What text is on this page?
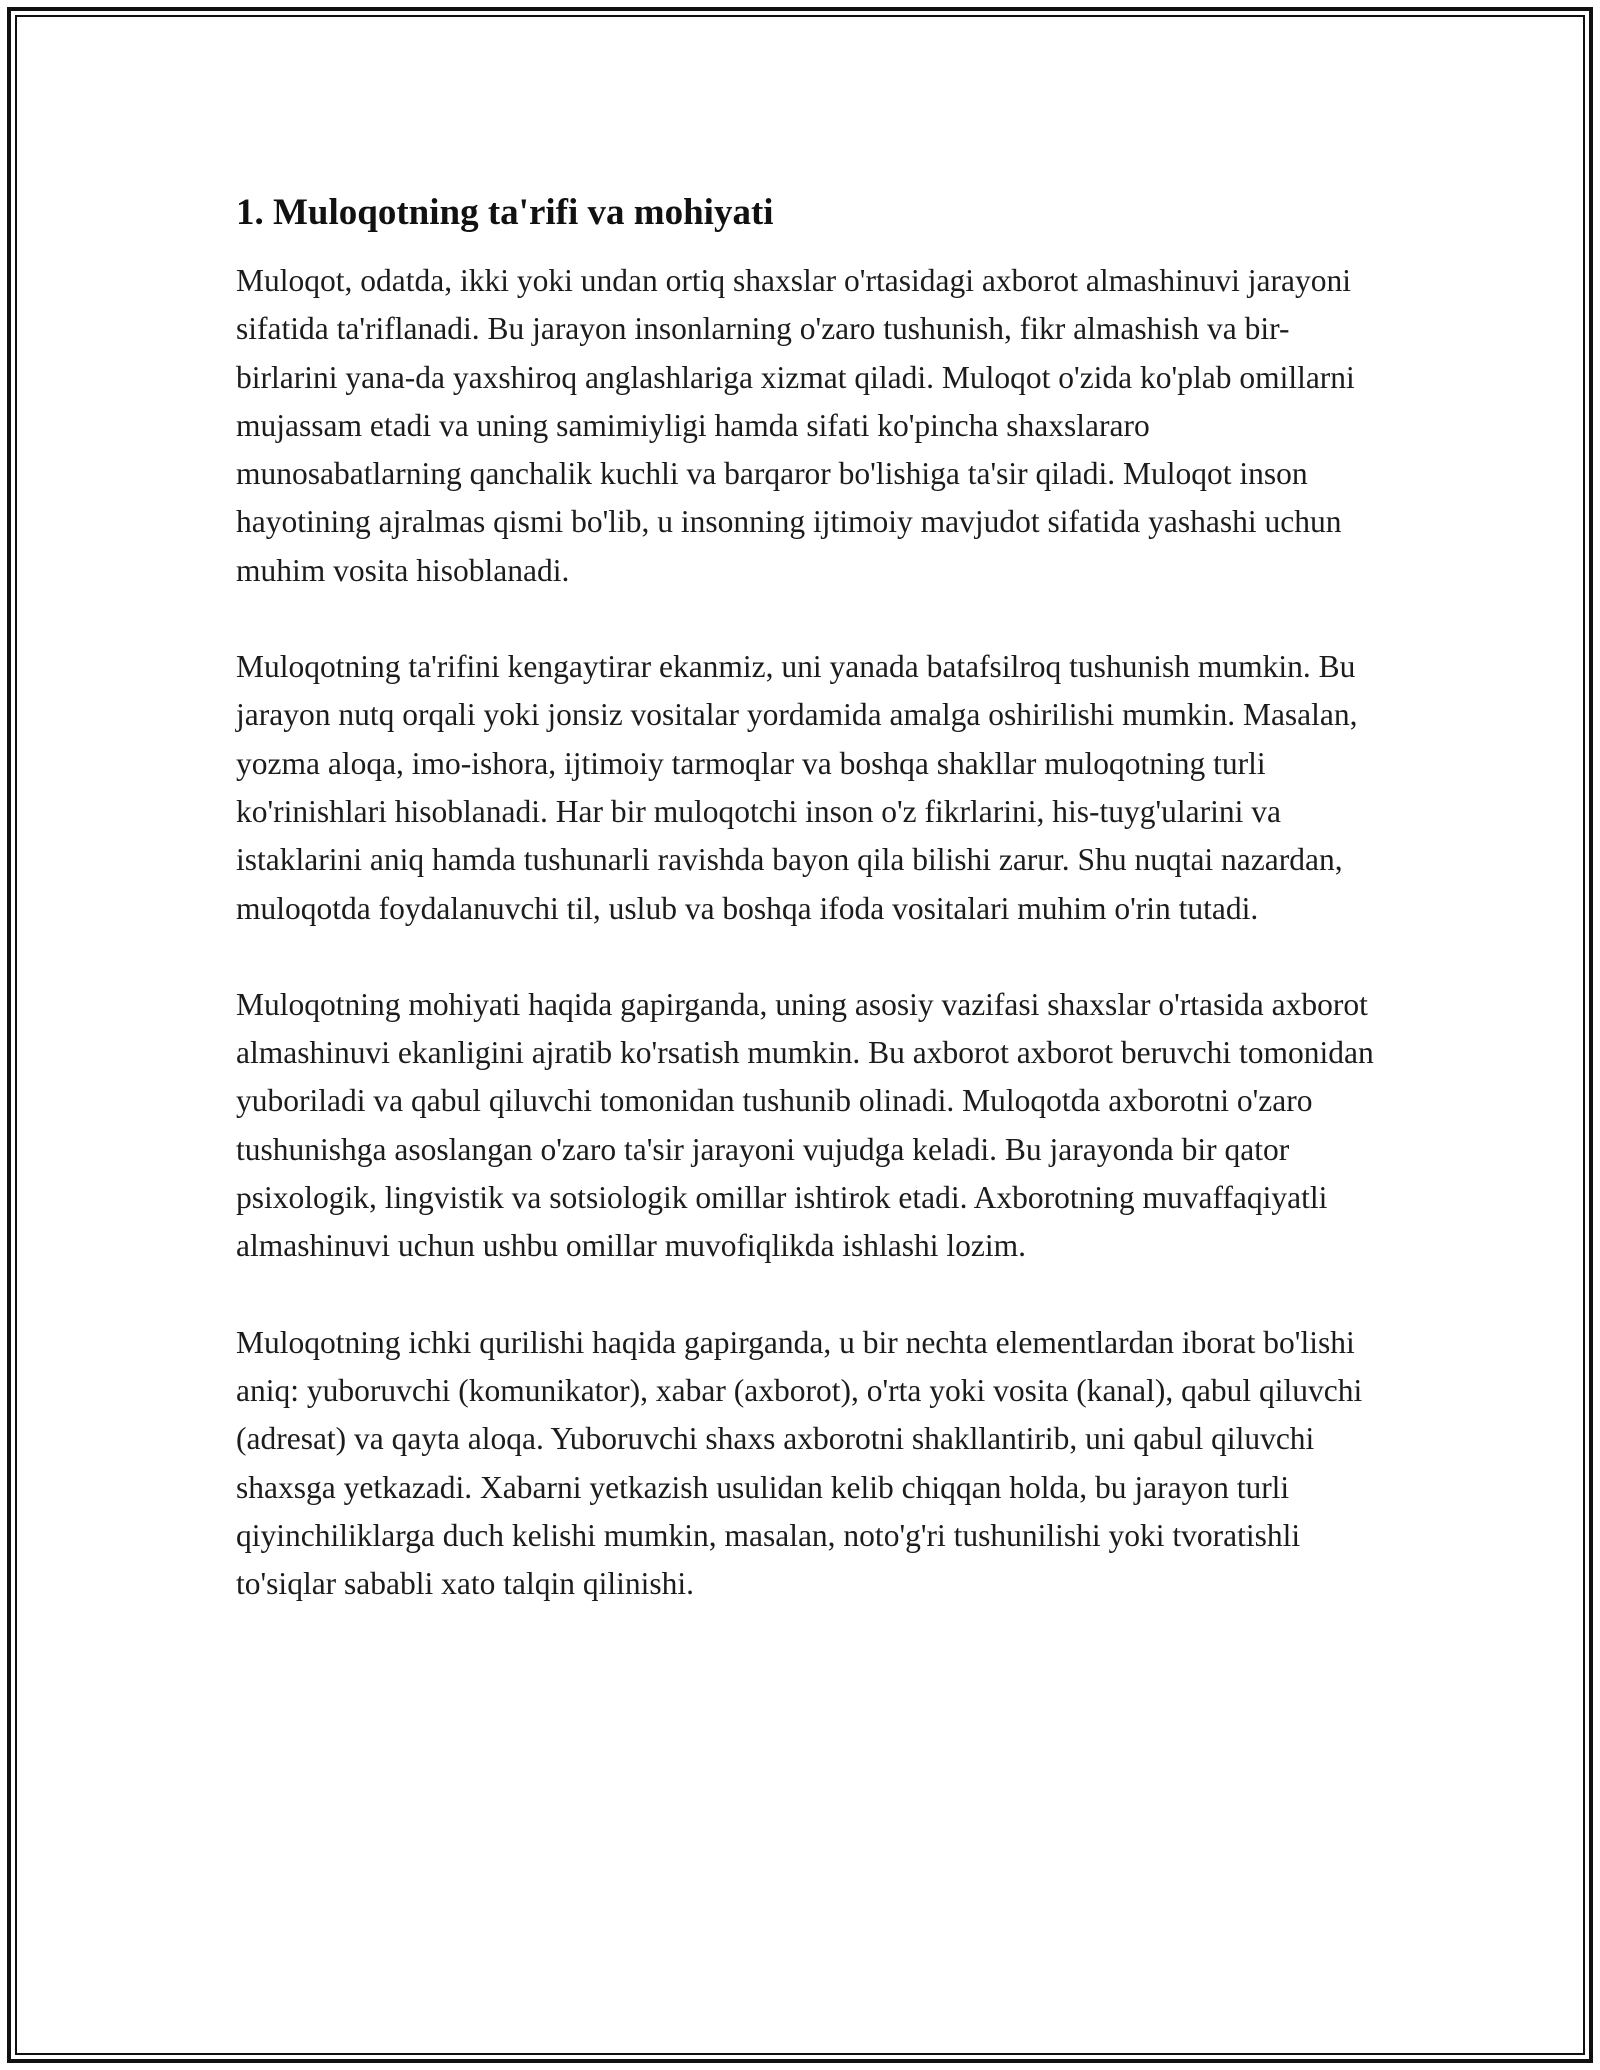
1. Muloqotning ta'rifi va mohiyati

Muloqot, odatda, ikki yoki undan ortiq shaxslar o'rtasidagi axborot almashinuvi jarayoni sifatida ta'riflanadi. Bu jarayon insonlarning o'zaro tushunish, fikr almashish va bir-birlarini yana-da yaxshiroq anglashlariga xizmat qiladi. Muloqot o'zida ko'plab omillarni mujassam etadi va uning samimiyligi hamda sifati ko'pincha shaxslararo munosabatlarning qanchalik kuchli va barqaror bo'lishiga ta'sir qiladi. Muloqot inson hayotining ajralmas qismi bo'lib, u insonning ijtimoiy mavjudot sifatida yashashi uchun muhim vosita hisoblanadi.

Muloqotning ta'rifini kengaytirar ekanmiz, uni yanada batafsilroq tushunish mumkin. Bu jarayon nutq orqali yoki jonsiz vositalar yordamida amalga oshirilishi mumkin. Masalan, yozma aloqa, imo-ishora, ijtimoiy tarmoqlar va boshqa shakllar muloqotning turli ko'rinishlari hisoblanadi. Har bir muloqotchi inson o'z fikrlarini, his-tuyg'ularini va istaklarini aniq hamda tushunarli ravishda bayon qila bilishi zarur. Shu nuqtai nazardan, muloqotda foydalanuvchi til, uslub va boshqa ifoda vositalari muhim o'rin tutadi.

Muloqotning mohiyati haqida gapirganda, uning asosiy vazifasi shaxslar o'rtasida axborot almashinuvi ekanligini ajratib ko'rsatish mumkin. Bu axborot axborot beruvchi tomonidan yuboriladi va qabul qiluvchi tomonidan tushunib olinadi. Muloqotda axborotni o'zaro tushunishga asoslangan o'zaro ta'sir jarayoni vujudga keladi. Bu jarayonda bir qator psixologik, lingvistik va sotsiologik omillar ishtirok etadi. Axborotning muvaffaqiyatli almashinuvi uchun ushbu omillar muvofiqlikda ishlashi lozim.

Muloqotning ichki qurilishi haqida gapirganda, u bir nechta elementlardan iborat bo'lishi aniq: yuboruvchi (komunikator), xabar (axborot), o'rta yoki vosita (kanal), qabul qiluvchi (adresat) va qayta aloqa. Yuboruvchi shaxs axborotni shakllantirib, uni qabul qiluvchi shaxsga yetkazadi. Xabarni yetkazish usulidan kelib chiqqan holda, bu jarayon turli qiyinchiliklarga duch kelishi mumkin, masalan, noto'g'ri tushunilishi yoki tvoratishli to'siqlar sababli xato talqin qilinishi.
